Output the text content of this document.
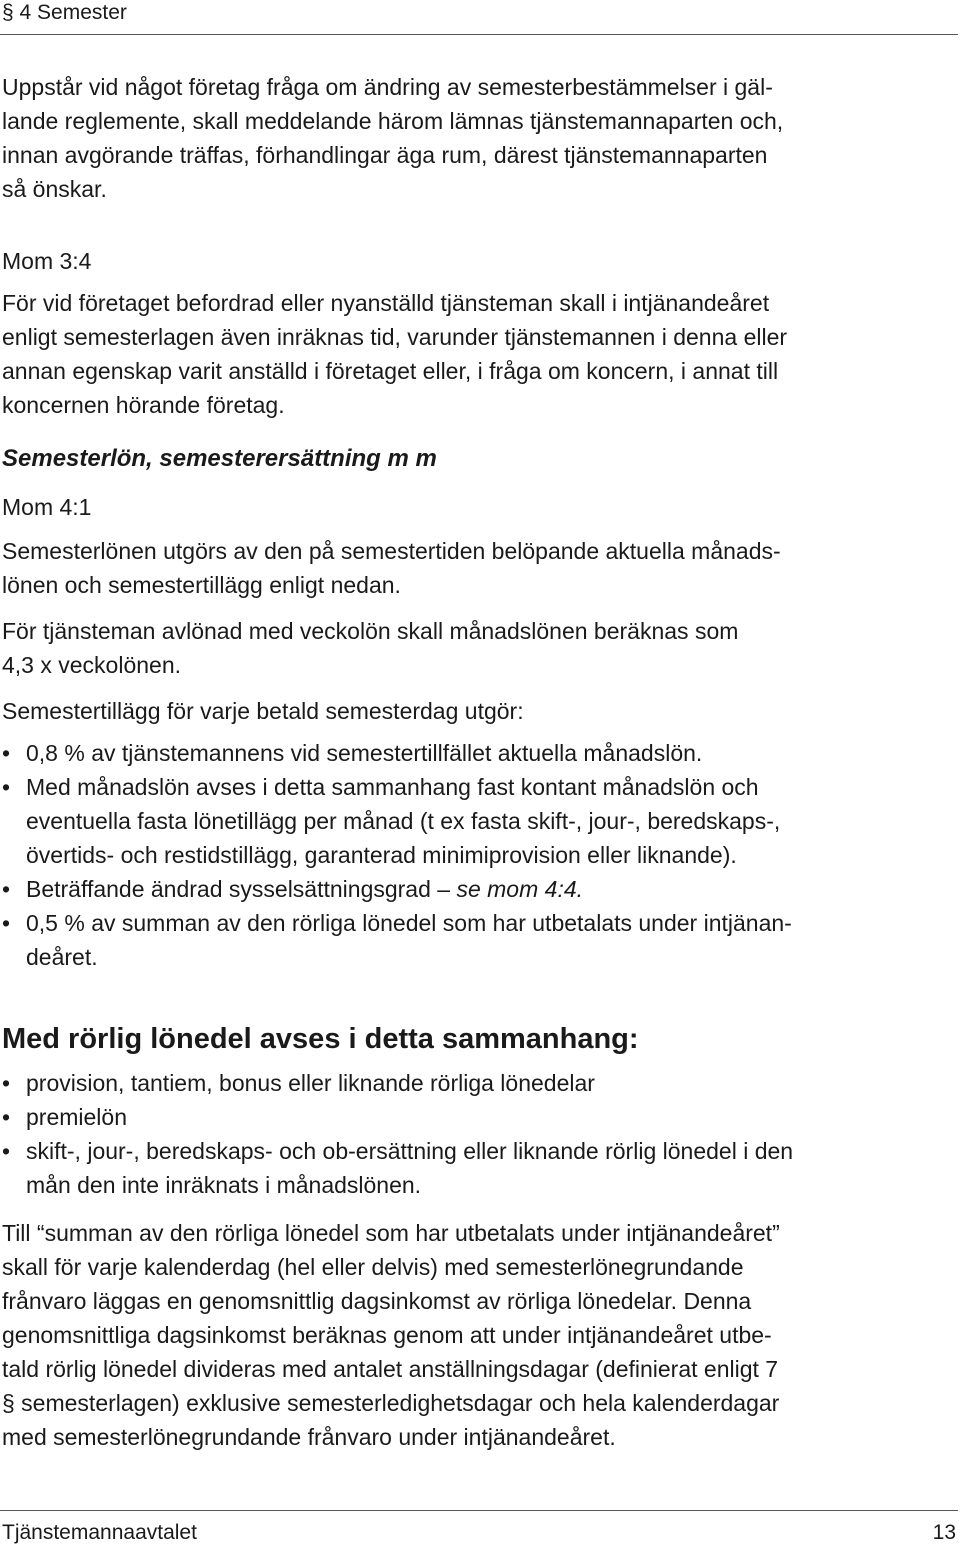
§ 4 Semester

Uppstår vid något företag fråga om ändring av semesterbestämmelser i gäl-
lande reglemente, skall meddelande härom lämnas tjänstemannaparten och,
innan avgörande träffas, förhandlingar äga rum, därest tjänstemannaparten
så önskar.

Mom 3:4

För vid företaget befordrad eller nyanställd tjänsteman skall i intjänandeåret
enligt semesterlagen även inräknas tid, varunder tjänstemannen i denna eller
annan egenskap varit anställd i företaget eller, i fråga om koncern, i annat till
koncernen hörande företag.

Semesterlön, semesterersättning m m

Mom 4:1

Semesterlönen utgörs av den på semestertiden belöpande aktuella månads-
lönen och semestertillägg enligt nedan.

För tjänsteman avlönad med veckolön skall månadslönen beräknas som
4,3 x veckolönen.

Semestertillägg för varje betald semesterdag utgör:

• 0,8 % av tjänstemannens vid semestertillfället aktuella månadslön.
• Med månadslön avses i detta sammanhang fast kontant månadslön och
eventuella fasta lönetillägg per månad (t ex fasta skift-, jour-, beredskaps-,
övertids- och restidstillägg, garanterad minimiprovision eller liknande).
• Beträffande ändrad sysselsättningsgrad – se mom 4:4.
• 0,5 % av summan av den rörliga lönedel som har utbetalats under intjänan-
deåret.

Med rörlig lönedel avses i detta sammanhang:

• provision, tantiem, bonus eller liknande rörliga lönedelar
• premielön
• skift-, jour-, beredskaps- och ob-ersättning eller liknande rörlig lönedel i den
mån den inte inräknats i månadslönen.

Till “summan av den rörliga lönedel som har utbetalats under intjänandeåret”
skall för varje kalenderdag (hel eller delvis) med semesterlönegrundande
frånvaro läggas en genomsnittlig dagsinkomst av rörliga lönedelar. Denna
genomsnittliga dagsinkomst beräknas genom att under intjänandeåret utbe-
tald rörlig lönedel divideras med antalet anställningsdagar (definierat enligt 7
§ semesterlagen) exklusive semesterledighetsdagar och hela kalenderdagar
med semesterlönegrundande frånvaro under intjänandeåret.

Tjänstemannaavtalet	13
